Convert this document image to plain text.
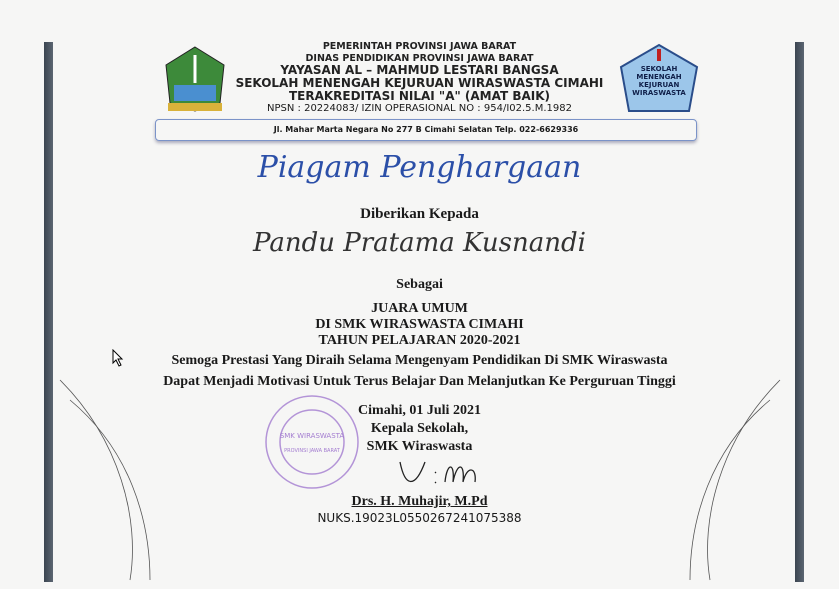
SEKOLAH MENENGAH KEJURUAN WIRASWASTA
PEMERINTAH PROVINSI JAWA BARAT
DINAS PENDIDIKAN PROVINSI JAWA BARAT
YAYASAN AL – MAHMUD LESTARI BANGSA
SEKOLAH MENENGAH KEJURUAN WIRASWASTA CIMAHI
TERAKREDITASI NILAI "A" (AMAT BAIK)
NPSN : 20224083/ IZIN OPERASIONAL NO : 954/I02.5.M.1982
Jl. Mahar Marta Negara No 277 B Cimahi Selatan Telp. 022-6629336
Piagam Penghargaan
Diberikan Kepada
Pandu Pratama Kusnandi
Sebagai
JUARA UMUM
DI SMK WIRASWASTA CIMAHI
TAHUN PELAJARAN 2020-2021
Semoga Prestasi Yang Diraih Selama Mengenyam Pendidikan Di SMK Wiraswasta
Dapat Menjadi Motivasi Untuk Terus Belajar Dan Melanjutkan Ke Perguruan Tinggi
SMK WIRASWASTA
PROVINSI JAWA BARAT
Cimahi, 01 Juli 2021
Kepala Sekolah,
SMK Wiraswasta
Drs. H. Muhajir, M.Pd
NUKS.19023L0550267241075388
